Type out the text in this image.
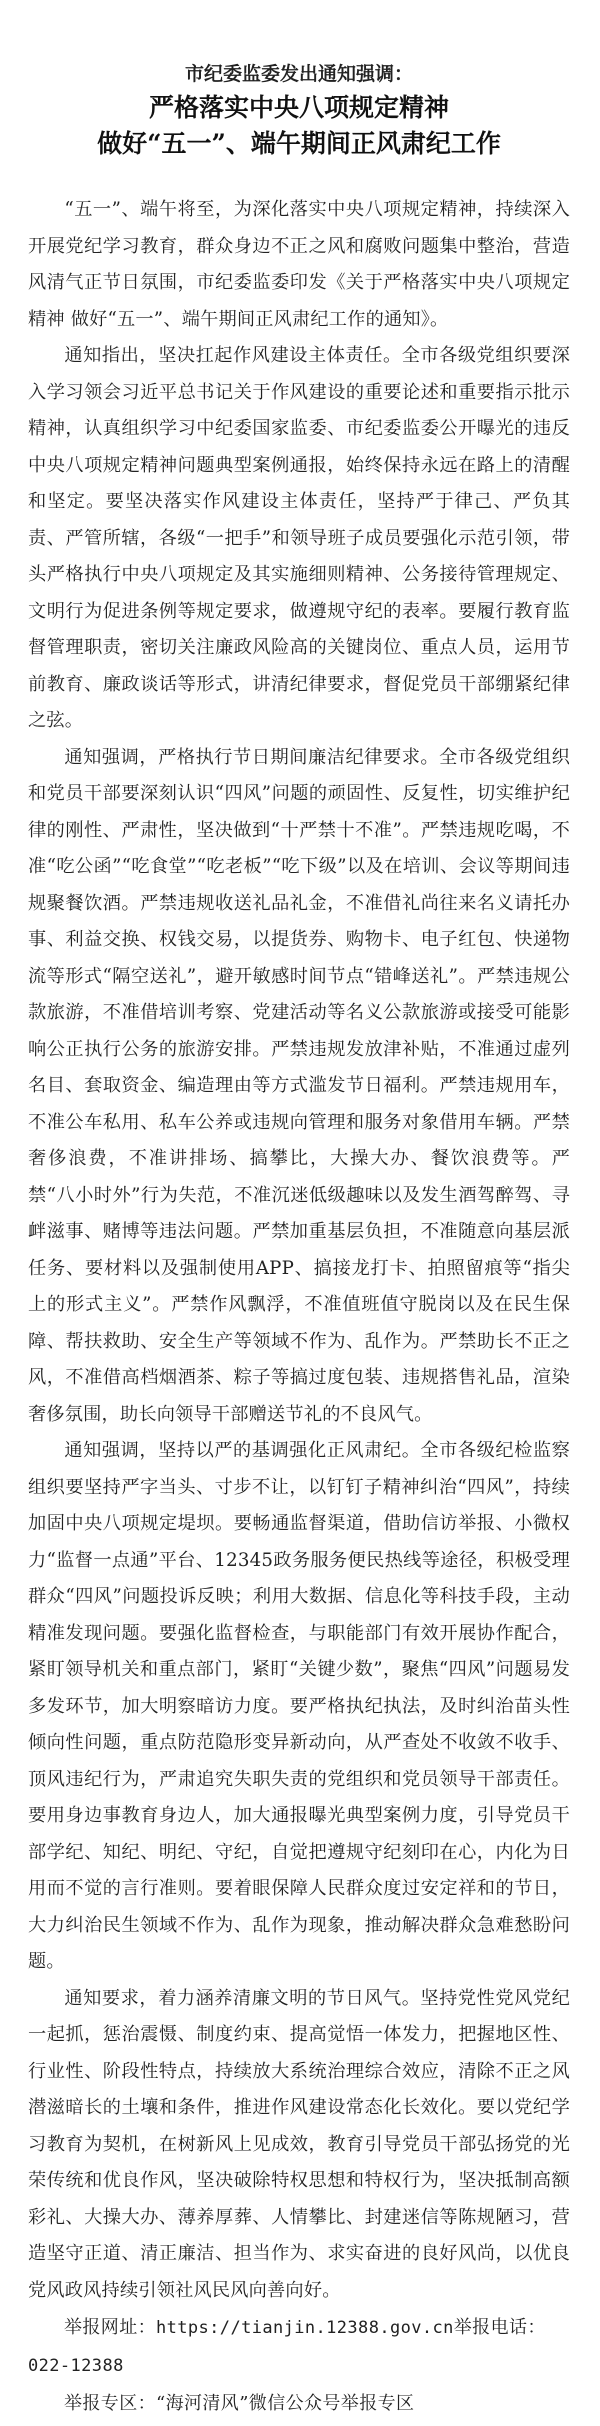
市纪委监委发出通知强调：

严格落实中央八项规定精神

做好“五一”、端午期间正风肃纪工作

“五一”、端午将至，为深化落实中央八项规定精神，持续深入开展党纪学习教育，群众身边不正之风和腐败问题集中整治，营造风清气正节日氛围，市纪委监委印发《关于严格落实中央八项规定精神 做好“五一”、端午期间正风肃纪工作的通知》。

通知指出，坚决扛起作风建设主体责任。全市各级党组织要深入学习领会习近平总书记关于作风建设的重要论述和重要指示批示精神，认真组织学习中纪委国家监委、市纪委监委公开曝光的违反中央八项规定精神问题典型案例通报，始终保持永远在路上的清醒和坚定。要坚决落实作风建设主体责任，坚持严于律己、严负其责、严管所辖，各级“一把手”和领导班子成员要强化示范引领，带头严格执行中央八项规定及其实施细则精神、公务接待管理规定、文明行为促进条例等规定要求，做遵规守纪的表率。要履行教育监督管理职责，密切关注廉政风险高的关键岗位、重点人员，运用节前教育、廉政谈话等形式，讲清纪律要求，督促党员干部绷紧纪律之弦。

通知强调，严格执行节日期间廉洁纪律要求。全市各级党组织和党员干部要深刻认识“四风”问题的顽固性、反复性，切实维护纪律的刚性、严肃性，坚决做到“十严禁十不准”。严禁违规吃喝，不准“吃公函”“吃食堂”“吃老板”“吃下级”以及在培训、会议等期间违规聚餐饮酒。严禁违规收送礼品礼金，不准借礼尚往来名义请托办事、利益交换、权钱交易，以提货券、购物卡、电子红包、快递物流等形式“隔空送礼”，避开敏感时间节点“错峰送礼”。严禁违规公款旅游，不准借培训考察、党建活动等名义公款旅游或接受可能影响公正执行公务的旅游安排。严禁违规发放津补贴，不准通过虚列名目、套取资金、编造理由等方式滥发节日福利。严禁违规用车，不准公车私用、私车公养或违规向管理和服务对象借用车辆。严禁奢侈浪费，不准讲排场、搞攀比，大操大办、餐饮浪费等。严禁“八小时外”行为失范，不准沉迷低级趣味以及发生酒驾醉驾、寻衅滋事、赌博等违法问题。严禁加重基层负担，不准随意向基层派任务、要材料以及强制使用APP、搞接龙打卡、拍照留痕等“指尖上的形式主义”。严禁作风飘浮，不准值班值守脱岗以及在民生保障、帮扶救助、安全生产等领域不作为、乱作为。严禁助长不正之风，不准借高档烟酒茶、粽子等搞过度包装、违规搭售礼品，渲染奢侈氛围，助长向领导干部赠送节礼的不良风气。

通知强调，坚持以严的基调强化正风肃纪。全市各级纪检监察组织要坚持严字当头、寸步不让，以钉钉子精神纠治“四风”，持续加固中央八项规定堤坝。要畅通监督渠道，借助信访举报、小微权力“监督一点通”平台、12345政务服务便民热线等途径，积极受理群众“四风”问题投诉反映；利用大数据、信息化等科技手段，主动精准发现问题。要强化监督检查，与职能部门有效开展协作配合，紧盯领导机关和重点部门，紧盯“关键少数”，聚焦“四风”问题易发多发环节，加大明察暗访力度。要严格执纪执法，及时纠治苗头性倾向性问题，重点防范隐形变异新动向，从严查处不收敛不收手、顶风违纪行为，严肃追究失职失责的党组织和党员领导干部责任。要用身边事教育身边人，加大通报曝光典型案例力度，引导党员干部学纪、知纪、明纪、守纪，自觉把遵规守纪刻印在心，内化为日用而不觉的言行准则。要着眼保障人民群众度过安定祥和的节日，大力纠治民生领域不作为、乱作为现象，推动解决群众急难愁盼问题。

通知要求，着力涵养清廉文明的节日风气。坚持党性党风党纪一起抓，惩治震慑、制度约束、提高觉悟一体发力，把握地区性、行业性、阶段性特点，持续放大系统治理综合效应，清除不正之风潜滋暗长的土壤和条件，推进作风建设常态化长效化。要以党纪学习教育为契机，在树新风上见成效，教育引导党员干部弘扬党的光荣传统和优良作风，坚决破除特权思想和特权行为，坚决抵制高额彩礼、大操大办、薄养厚葬、人情攀比、封建迷信等陈规陋习，营造坚守正道、清正廉洁、担当作为、求实奋进的良好风尚，以优良党风政风持续引领社风民风向善向好。

举报网址：https://tianjin.12388.gov.cn举报电话：

022-12388

举报专区：“海河清风”微信公众号举报专区
